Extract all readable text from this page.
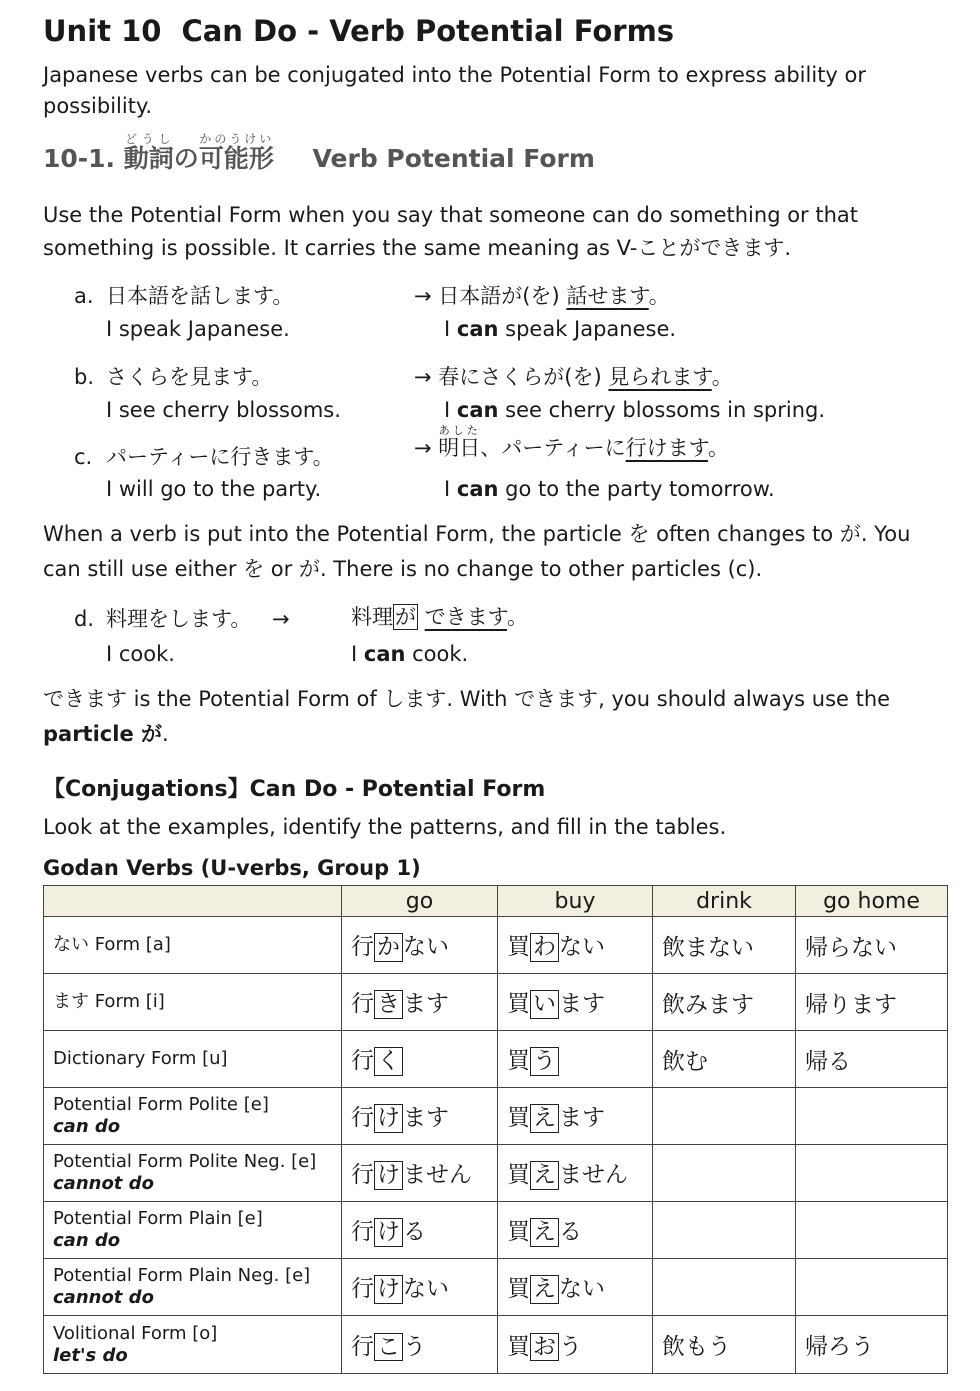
Unit 10 Can Do - Verb Potential Forms
Japanese verbs can be conjugated into the Potential Form to express ability or possibility.
10-1. 動詞どうしの可能形かのうけい Verb Potential Form
Use the Potential Form when you say that someone can do something or that something is possible. It carries the same meaning as V-ことができます.
a. 日本語を話します。
I speak Japanese.
→ 日本語が(を) 話せます。
I can speak Japanese.
b. さくらを見ます。
I see cherry blossoms.
→ 春にさくらが(を) 見られます。
I can see cherry blossoms in spring.
c. パーティーに行きます。
I will go to the party.
→ 明日あした、パーティーに行けます。
I can go to the party tomorrow.
When a verb is put into the Potential Form, the particle を often changes to が. You can still use either を or が. There is no change to other particles (c).
d. 料理をします。 →	料理が できます。
I cook.	I can cook.
できます is the Potential Form of します. With できます, you should always use the particle が.
【Conjugations】Can Do - Potential Form
Look at the examples, identify the patterns, and fill in the tables.
Godan Verbs (U-verbs, Group 1)
	go	buy	drink	go home

ない Form [a]	行 か ない	買 わ ない	飲まない	帰らない

ます Form [i]	行 き ます	買 い ます	飲みます	帰ります

Dictionary Form [u]	行 く	買 う	飲む	帰る

Potential Form Polite [e]
can do	行 け ます	買 え ます		

Potential Form Polite Neg. [e]
cannot do	行 け ません	買 え ません		

Potential Form Plain [e]
can do	行 け る	買 え る		

Potential Form Plain Neg. [e]
cannot do	行 け ない	買 え ない		

Volitional Form [o]
let's do	行 こ う	買 お う	飲もう	帰ろう
